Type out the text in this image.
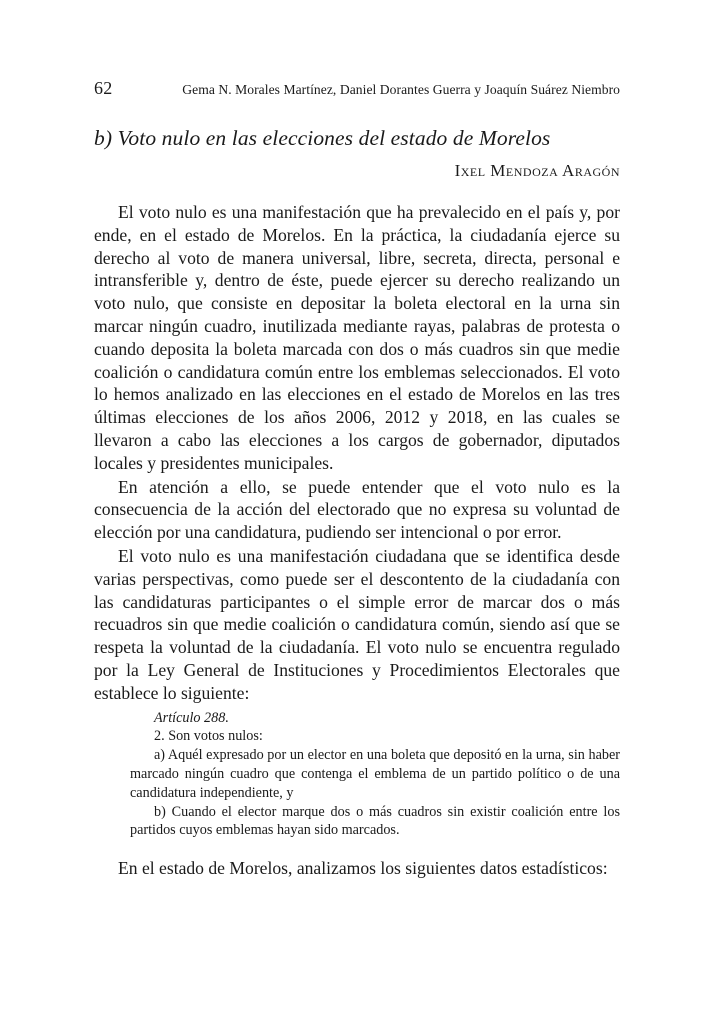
62	Gema N. Morales Martínez, Daniel Dorantes Guerra y Joaquín Suárez Niembro
b) Voto nulo en las elecciones del estado de Morelos
Ixel Mendoza Aragón

El voto nulo es una manifestación que ha prevalecido en el país y, por ende, en el estado de Morelos. En la práctica, la ciudadanía ejerce su derecho al voto de manera universal, libre, secreta, directa, personal e intransferible y, dentro de éste, puede ejercer su derecho realizando un voto nulo, que consiste en depositar la boleta electoral en la urna sin marcar ningún cuadro, inutilizada mediante rayas, palabras de protesta o cuando deposita la boleta marcada con dos o más cuadros sin que medie coalición o candidatura común entre los emblemas seleccionados. El voto lo hemos analizado en las elecciones en el estado de Morelos en las tres últimas elecciones de los años 2006, 2012 y 2018, en las cuales se llevaron a cabo las elecciones a los cargos de gobernador, diputados locales y presidentes municipales.

En atención a ello, se puede entender que el voto nulo es la consecuencia de la acción del electorado que no expresa su voluntad de elección por una candidatura, pudiendo ser intencional o por error.

El voto nulo es una manifestación ciudadana que se identifica desde varias perspectivas, como puede ser el descontento de la ciudadanía con las candidaturas participantes o el simple error de marcar dos o más recuadros sin que medie coalición o candidatura común, siendo así que se respeta la voluntad de la ciudadanía. El voto nulo se encuentra regulado por la Ley General de Instituciones y Procedimientos Electorales que establece lo siguiente:

Artículo 288.

2. Son votos nulos:

a) Aquél expresado por un elector en una boleta que depositó en la urna, sin haber marcado ningún cuadro que contenga el emblema de un partido político o de una candidatura independiente, y

b) Cuando el elector marque dos o más cuadros sin existir coalición entre los partidos cuyos emblemas hayan sido marcados.

En el estado de Morelos, analizamos los siguientes datos estadísticos:
